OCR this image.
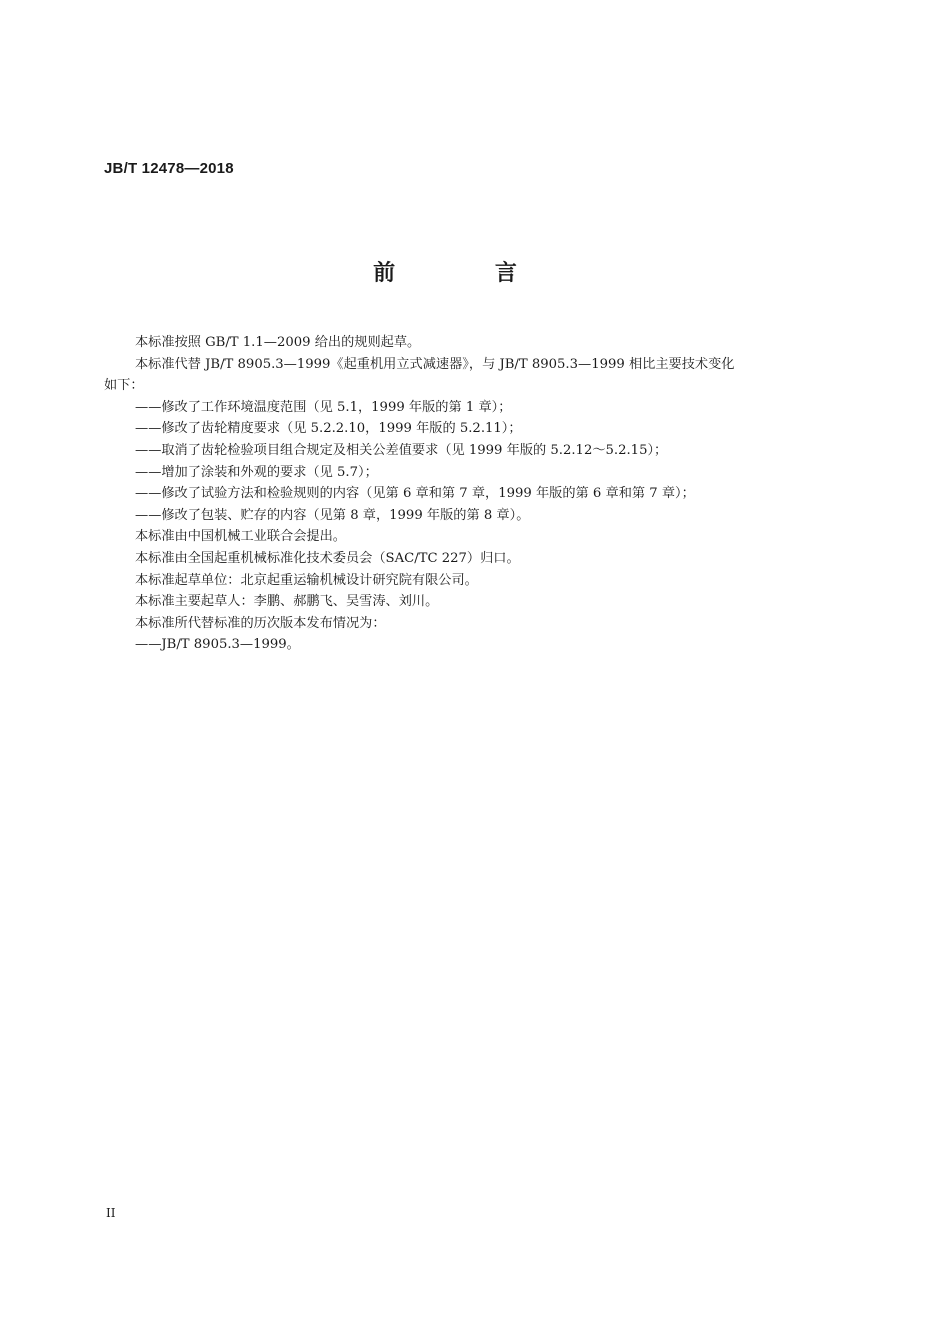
JB/T 12478—2018
前 言

本标准按照 GB/T 1.1—2009 给出的规则起草。

本标准代替 JB/T 8905.3—1999《起重机用立式减速器》，与 JB/T 8905.3—1999 相比主要技术变化

如下：

——修改了工作环境温度范围（见 5.1，1999 年版的第 1 章）；

——修改了齿轮精度要求（见 5.2.2.10，1999 年版的 5.2.11）；

——取消了齿轮检验项目组合规定及相关公差值要求（见 1999 年版的 5.2.12～5.2.15）；

——增加了涂装和外观的要求（见 5.7）；

——修改了试验方法和检验规则的内容（见第 6 章和第 7 章，1999 年版的第 6 章和第 7 章）；

——修改了包装、贮存的内容（见第 8 章，1999 年版的第 8 章）。

本标准由中国机械工业联合会提出。

本标准由全国起重机械标准化技术委员会（SAC/TC 227）归口。

本标准起草单位：北京起重运输机械设计研究院有限公司。

本标准主要起草人：李鹏、郝鹏飞、吴雪涛、刘川。

本标准所代替标准的历次版本发布情况为：

——JB/T 8905.3—1999。

II
